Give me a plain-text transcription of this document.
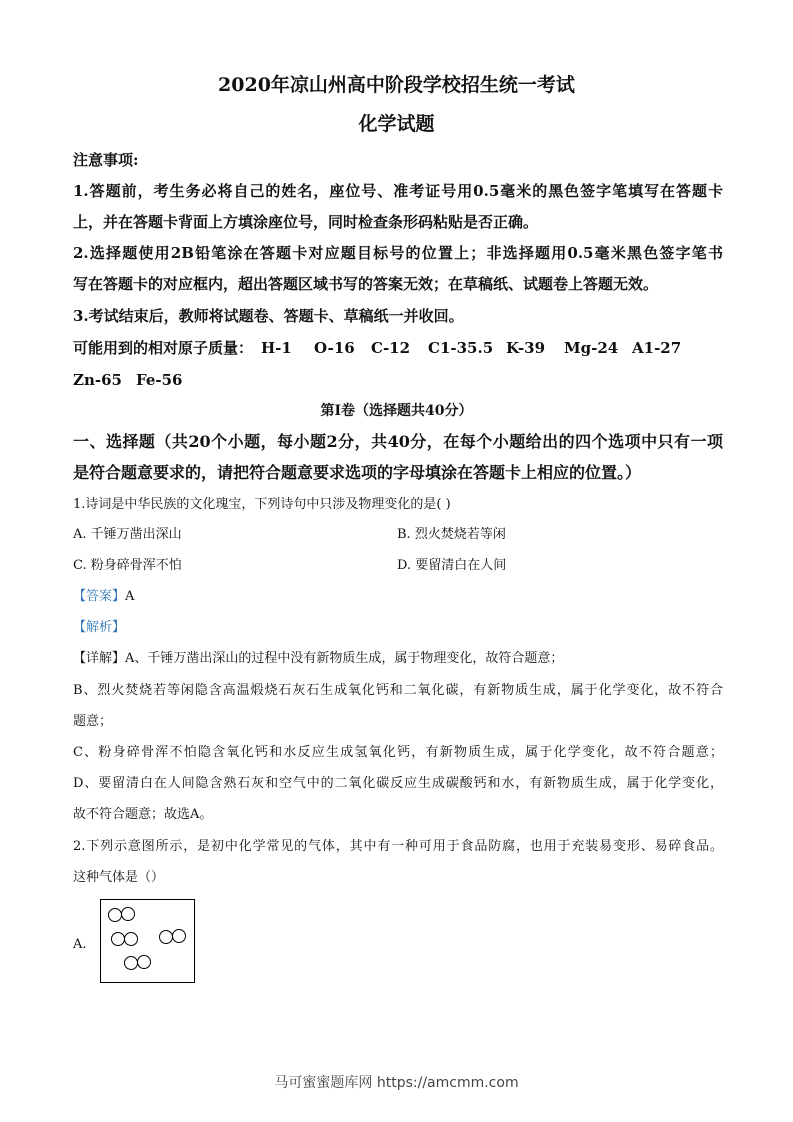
2020年凉山州高中阶段学校招生统一考试
化学试题
注意事项:
1.答题前，考生务必将自己的姓名，座位号、准考证号用0.5毫米的黑色签字笔填写在答题卡
上，并在答题卡背面上方填涂座位号，同时检查条形码粘贴是否正确。
2.选择题使用2B铅笔涂在答题卡对应题目标号的位置上；非选择题用0.5毫米黑色签字笔书
写在答题卡的对应框内，超出答题区域书写的答案无效；在草稿纸、试题卷上答题无效。
3.考试结束后，教师将试题卷、答题卡、草稿纸一并收回。
可能用到的相对原子质量： H-1 O-16 C-12 C1-35.5 K-39 Mg-24 A1-27
Zn-65 Fe-56
第I卷（选择题共40分）
一、选择题（共20个小题，每小题2分，共40分，在每个小题给出的四个选项中只有一项
是符合题意要求的，请把符合题意要求选项的字母填涂在答题卡上相应的位置。）
1.诗词是中华民族的文化瑰宝，下列诗句中只涉及物理变化的是( )
A. 千锤万凿出深山	B. 烈火焚烧若等闲
C. 粉身碎骨浑不怕	D. 要留清白在人间
【答案】A
【解析】
【详解】A、千锤万凿出深山的过程中没有新物质生成，属于物理变化，故符合题意；
B、烈火焚烧若等闲隐含高温煅烧石灰石生成氧化钙和二氧化碳，有新物质生成，属于化学变化，故不符合
题意；
C、粉身碎骨浑不怕隐含氧化钙和水反应生成氢氧化钙，有新物质生成，属于化学变化，故不符合题意；
D、要留清白在人间隐含熟石灰和空气中的二氧化碳反应生成碳酸钙和水，有新物质生成，属于化学变化，
故不符合题意；故选A。
2.下列示意图所示，是初中化学常见的气体，其中有一种可用于食品防腐，也用于充装易变形、易碎食品。
这种气体是（）
A.
马可蜜蜜题库网 https://amcmm.com
